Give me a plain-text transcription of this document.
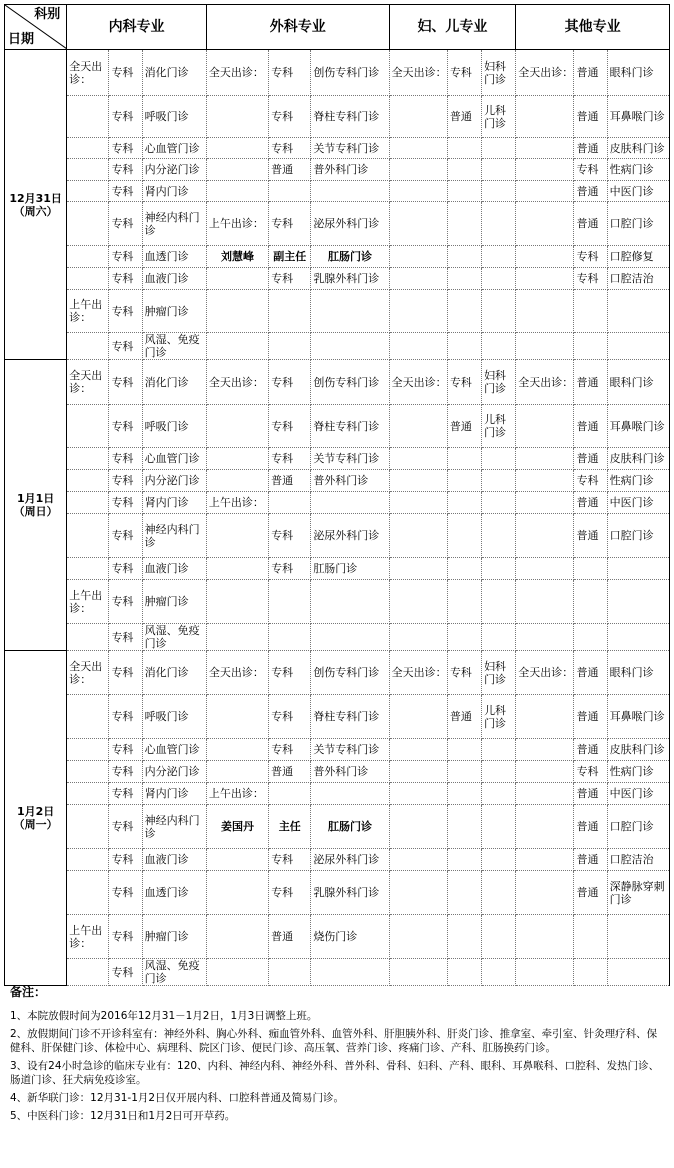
科别
日期	内科专业			外科专业			妇、儿专业			其他专业		
12月31日 （周六）	全天出诊：	专科	消化门诊	全天出诊：	专科	创伤专科门诊	全天出诊：	专科	妇科门诊	全天出诊：	普通	眼科门诊
		专科	呼吸门诊		专科	脊柱专科门诊		普通	儿科门诊		普通	耳鼻喉门诊
		专科	心血管门诊		专科	关节专科门诊					普通	皮肤科门诊
		专科	内分泌门诊		普通	普外科门诊					专科	性病门诊
		专科	肾内门诊								普通	中医门诊
		专科	神经内科门诊	上午出诊：	专科	泌尿外科门诊					普通	口腔门诊
		专科	血透门诊	刘慧峰	副主任	肛肠门诊					专科	口腔修复
		专科	血液门诊		专科	乳腺外科门诊					专科	口腔洁治
	上午出诊：	专科	肿瘤门诊									
		专科	风湿、免疫门诊									
1月1日 （周日）	全天出诊：	专科	消化门诊	全天出诊：	专科	创伤专科门诊	全天出诊：	专科	妇科门诊	全天出诊：	普通	眼科门诊
		专科	呼吸门诊		专科	脊柱专科门诊		普通	儿科门诊		普通	耳鼻喉门诊
		专科	心血管门诊		专科	关节专科门诊					普通	皮肤科门诊
		专科	内分泌门诊		普通	普外科门诊					专科	性病门诊
		专科	肾内门诊	上午出诊：							普通	中医门诊
		专科	神经内科门诊		专科	泌尿外科门诊					普通	口腔门诊
		专科	血液门诊		专科	肛肠门诊						
	上午出诊：	专科	肿瘤门诊									
		专科	风湿、免疫门诊									
1月2日 （周一）	全天出诊：	专科	消化门诊	全天出诊：	专科	创伤专科门诊	全天出诊：	专科	妇科门诊	全天出诊：	普通	眼科门诊
		专科	呼吸门诊		专科	脊柱专科门诊		普通	儿科门诊		普通	耳鼻喉门诊
		专科	心血管门诊		专科	关节专科门诊					普通	皮肤科门诊
		专科	内分泌门诊		普通	普外科门诊					专科	性病门诊
		专科	肾内门诊	上午出诊：							普通	中医门诊
		专科	神经内科门诊	姜国丹	主任	肛肠门诊					普通	口腔门诊
		专科	血液门诊		专科	泌尿外科门诊					普通	口腔洁治
		专科	血透门诊		专科	乳腺外科门诊					普通	深静脉穿刺门诊
	上午出诊：	专科	肿瘤门诊		普通	烧伤门诊						
		专科	风湿、免疫门诊									
备注：
1、本院放假时间为2016年12月31－1月2日，1月3日调整上班。
2、放假期间门诊不开诊科室有：神经外科、胸心外科、痂血管外科、血管外科、肝胆胰外科、肝炎门诊、推拿室、牵引室、针灸理疗科、保健科、肝保健门诊、体检中心、病理科、院区门诊、便民门诊、高压氧、营养门诊、疼痛门诊、产科、肛肠换药门诊。
3、设有24小时急诊的临床专业有：120、内科、神经内科、神经外科、普外科、骨科、妇科、产科、眼科、耳鼻喉科、口腔科、发热门诊、肠道门诊、狂犬病免疫诊室。
4、新华联门诊：12月31-1月2日仅开展内科、口腔科普通及简易门诊。
5、中医科门诊：12月31日和1月2日可开草药。
